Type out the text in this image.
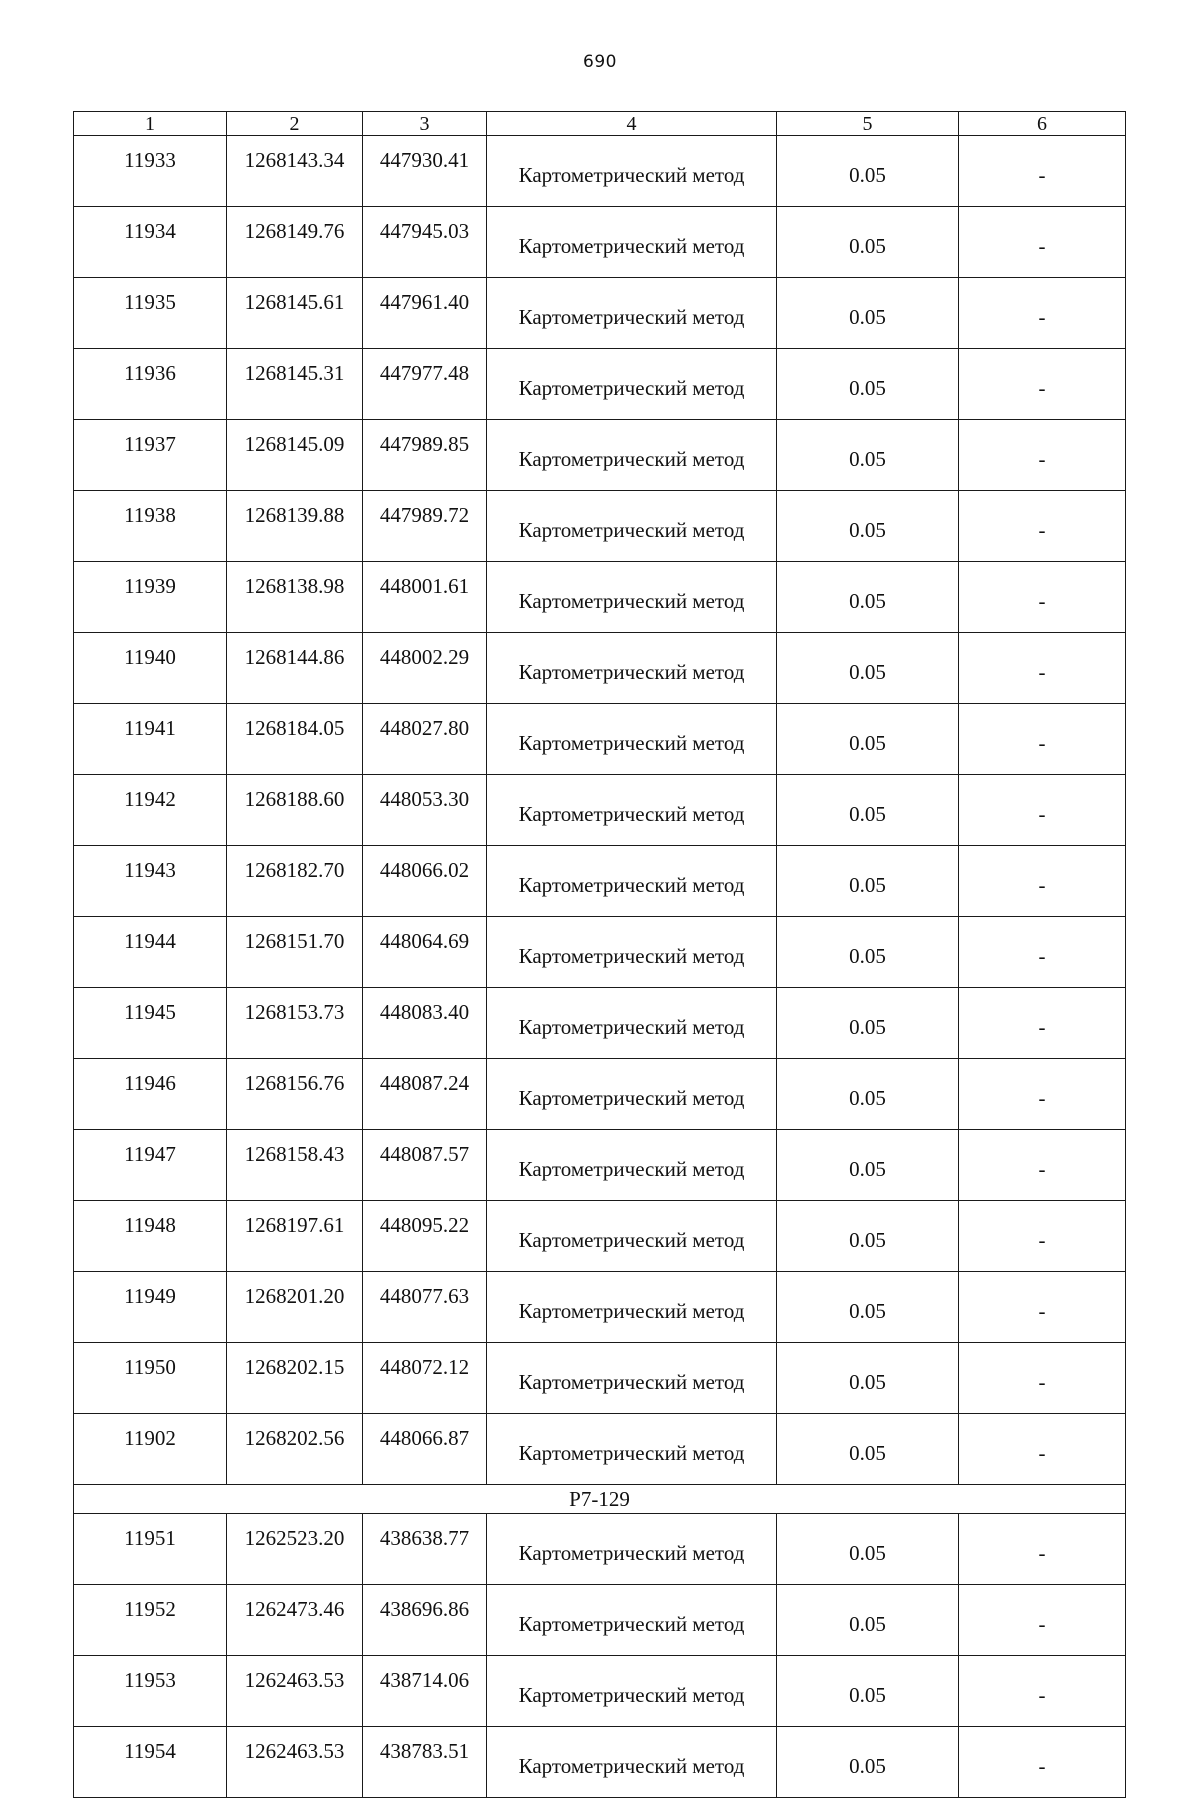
690
1	2	3	4	5	6
11933	1268143.34	447930.41	Картометрический метод	0.05	-
11934	1268149.76	447945.03	Картометрический метод	0.05	-
11935	1268145.61	447961.40	Картометрический метод	0.05	-
11936	1268145.31	447977.48	Картометрический метод	0.05	-
11937	1268145.09	447989.85	Картометрический метод	0.05	-
11938	1268139.88	447989.72	Картометрический метод	0.05	-
11939	1268138.98	448001.61	Картометрический метод	0.05	-
11940	1268144.86	448002.29	Картометрический метод	0.05	-
11941	1268184.05	448027.80	Картометрический метод	0.05	-
11942	1268188.60	448053.30	Картометрический метод	0.05	-
11943	1268182.70	448066.02	Картометрический метод	0.05	-
11944	1268151.70	448064.69	Картометрический метод	0.05	-
11945	1268153.73	448083.40	Картометрический метод	0.05	-
11946	1268156.76	448087.24	Картометрический метод	0.05	-
11947	1268158.43	448087.57	Картометрический метод	0.05	-
11948	1268197.61	448095.22	Картометрический метод	0.05	-
11949	1268201.20	448077.63	Картометрический метод	0.05	-
11950	1268202.15	448072.12	Картометрический метод	0.05	-
11902	1268202.56	448066.87	Картометрический метод	0.05	-
Р7-129					
11951	1262523.20	438638.77	Картометрический метод	0.05	-
11952	1262473.46	438696.86	Картометрический метод	0.05	-
11953	1262463.53	438714.06	Картометрический метод	0.05	-
11954	1262463.53	438783.51	Картометрический метод	0.05	-
